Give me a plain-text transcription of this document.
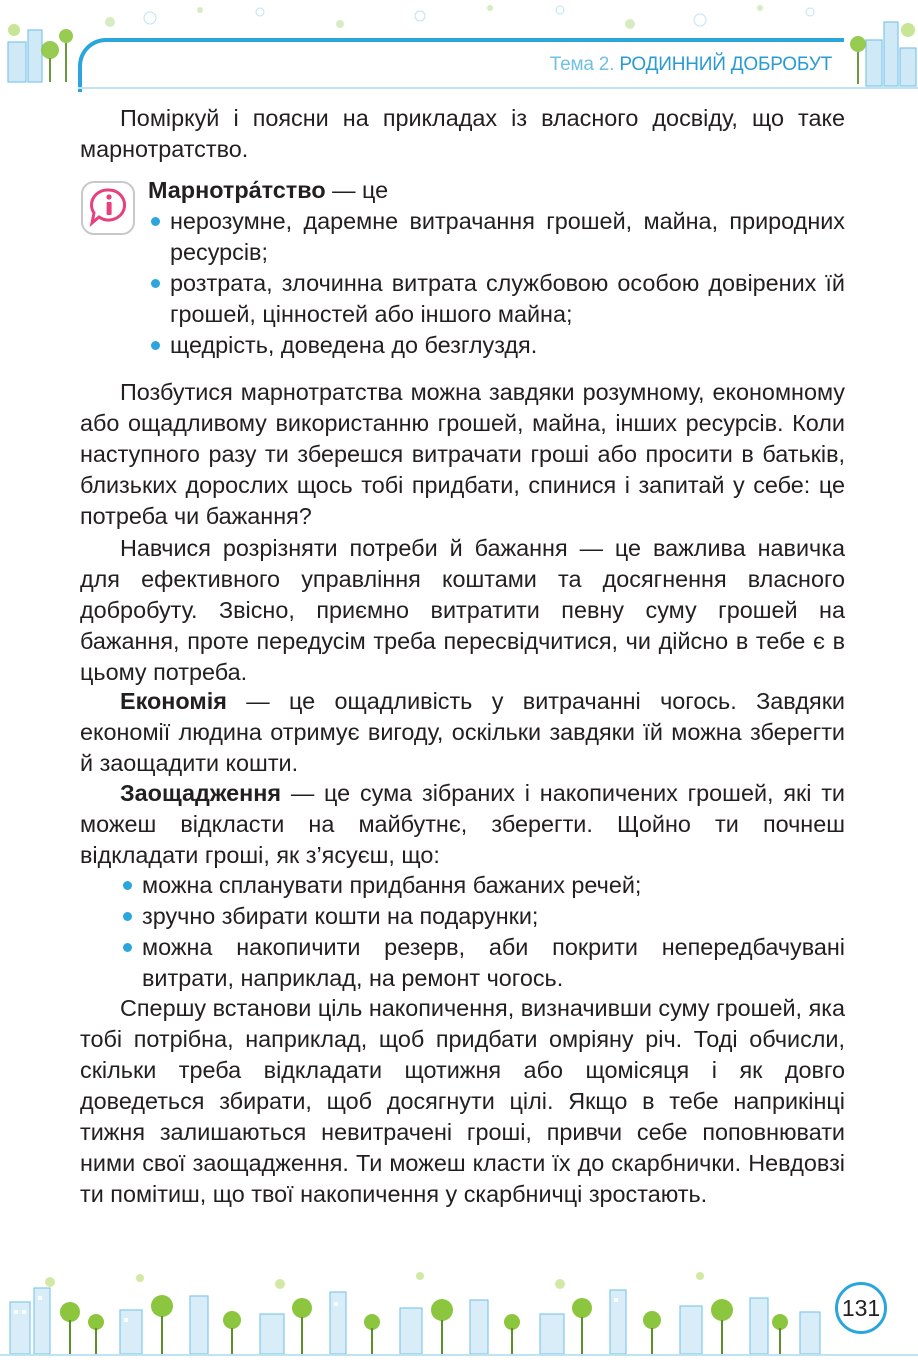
Тема 2. РОДИННИЙ ДОБРОБУТ

Поміркуй і поясни на прикладах із власного досвіду, що таке марнотратство.

Марнотра́тство — це

нерозумне, даремне витрачання грошей, майна, природних ресурсів;
розтрата, злочинна витрата службовою особою довірених їй грошей, цінностей або іншого майна;
щедрість, доведена до безглуздя.

Позбутися марнотратства можна завдяки розумному, економному або ощадливому використанню грошей, майна, інших ресурсів. Коли наступного разу ти зберешся витрачати гроші або просити в батьків, близьких дорослих щось тобі придбати, спинися і запитай у себе: це потреба чи бажання?

Навчися розрізняти потреби й бажання — це важлива навичка для ефективного управління коштами та досягнення власного добробуту. Звісно, приємно витратити певну суму грошей на бажання, проте передусім треба пересвідчитися, чи дійсно в тебе є в цьому потреба.

Економія — це ощадливість у витрачанні чогось. Завдяки економії людина отримує вигоду, оскільки завдяки їй можна зберегти й заощадити кошти.

Заощадження — це сума зібраних і накопичених грошей, які ти можеш відкласти на майбутнє, зберегти. Щойно ти почнеш відкладати гроші, як з’ясуєш, що:

можна спланувати придбання бажаних речей;
зручно збирати кошти на подарунки;
можна накопичити резерв, аби покрити непередбачувані витрати, наприклад, на ремонт чогось.

Спершу встанови ціль накопичення, визначивши суму грошей, яка тобі потрібна, наприклад, щоб придбати омріяну річ. Тоді обчисли, скільки треба відкладати щотижня або щомісяця і як довго доведеться збирати, щоб досягнути цілі. Якщо в тебе наприкінці тижня залишаються невитрачені гроші, привчи себе поповнювати ними свої заощадження. Ти можеш класти їх до скарбнички. Невдовзі ти помітиш, що твої накопичення у скарбничці зростають.

131
